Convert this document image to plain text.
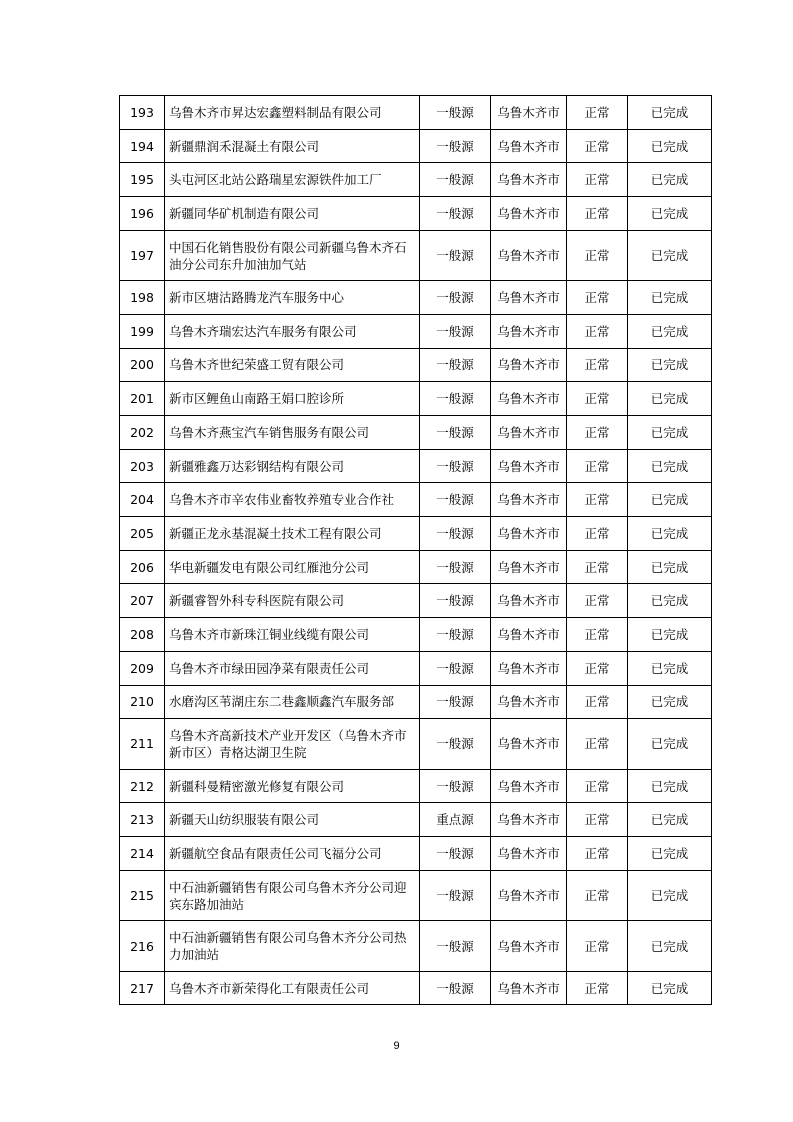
193	乌鲁木齐市昇达宏鑫塑料制品有限公司	一般源	乌鲁木齐市	正常	已完成
194	新疆鼎润禾混凝土有限公司	一般源	乌鲁木齐市	正常	已完成
195	头屯河区北站公路瑞星宏源铁件加工厂	一般源	乌鲁木齐市	正常	已完成
196	新疆同华矿机制造有限公司	一般源	乌鲁木齐市	正常	已完成
197	中国石化销售股份有限公司新疆乌鲁木齐石油分公司东升加油加气站	一般源	乌鲁木齐市	正常	已完成
198	新市区塘沽路腾龙汽车服务中心	一般源	乌鲁木齐市	正常	已完成
199	乌鲁木齐瑞宏达汽车服务有限公司	一般源	乌鲁木齐市	正常	已完成
200	乌鲁木齐世纪荣盛工贸有限公司	一般源	乌鲁木齐市	正常	已完成
201	新市区鲤鱼山南路王娟口腔诊所	一般源	乌鲁木齐市	正常	已完成
202	乌鲁木齐燕宝汽车销售服务有限公司	一般源	乌鲁木齐市	正常	已完成
203	新疆雅鑫万达彩钢结构有限公司	一般源	乌鲁木齐市	正常	已完成
204	乌鲁木齐市辛农伟业畜牧养殖专业合作社	一般源	乌鲁木齐市	正常	已完成
205	新疆正龙永基混凝土技术工程有限公司	一般源	乌鲁木齐市	正常	已完成
206	华电新疆发电有限公司红雁池分公司	一般源	乌鲁木齐市	正常	已完成
207	新疆睿智外科专科医院有限公司	一般源	乌鲁木齐市	正常	已完成
208	乌鲁木齐市新珠江铜业线缆有限公司	一般源	乌鲁木齐市	正常	已完成
209	乌鲁木齐市绿田园净菜有限责任公司	一般源	乌鲁木齐市	正常	已完成
210	水磨沟区苇湖庄东二巷鑫顺鑫汽车服务部	一般源	乌鲁木齐市	正常	已完成
211	乌鲁木齐高新技术产业开发区（乌鲁木齐市新市区）青格达湖卫生院	一般源	乌鲁木齐市	正常	已完成
212	新疆科曼精密激光修复有限公司	一般源	乌鲁木齐市	正常	已完成
213	新疆天山纺织服装有限公司	重点源	乌鲁木齐市	正常	已完成
214	新疆航空食品有限责任公司飞福分公司	一般源	乌鲁木齐市	正常	已完成
215	中石油新疆销售有限公司乌鲁木齐分公司迎宾东路加油站	一般源	乌鲁木齐市	正常	已完成
216	中石油新疆销售有限公司乌鲁木齐分公司热力加油站	一般源	乌鲁木齐市	正常	已完成
217	乌鲁木齐市新荣得化工有限责任公司	一般源	乌鲁木齐市	正常	已完成
9
